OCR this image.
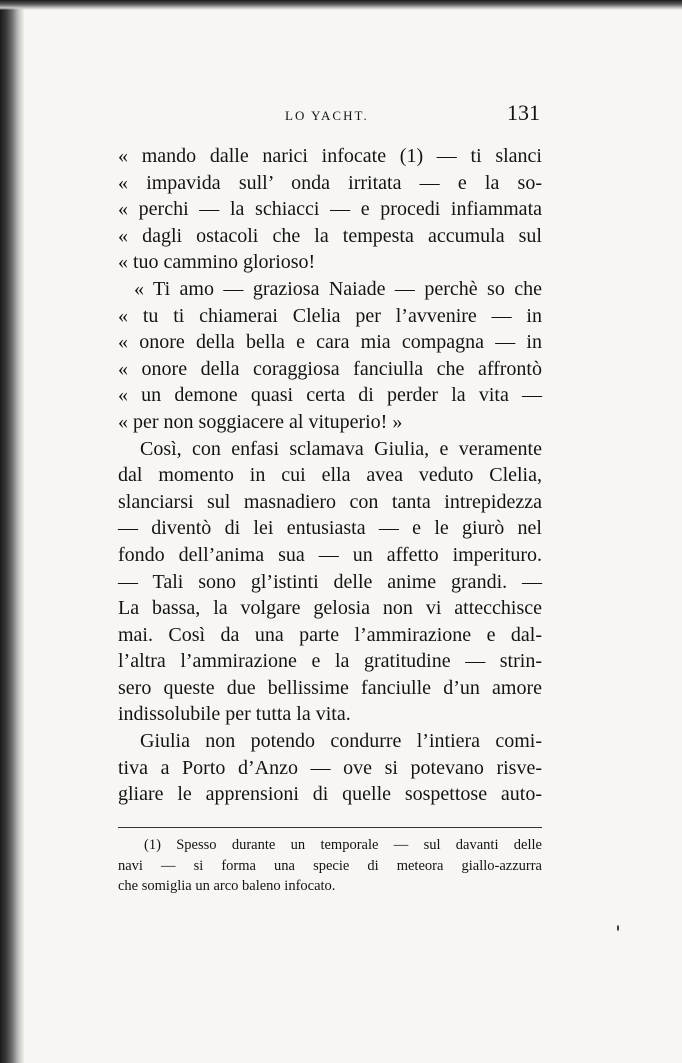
LO YACHT.	131
« mando dalle narici infocate (1) — ti slanci
« impavida sull’ onda irritata — e la so-
« perchi — la schiacci — e procedi infiammata
« dagli ostacoli che la tempesta accumula sul
« tuo cammino glorioso!
« Ti amo — graziosa Naiade — perchè so che
« tu ti chiamerai Clelia per l’avvenire — in
« onore della bella e cara mia compagna — in
« onore della coraggiosa fanciulla che affrontò
« un demone quasi certa di perder la vita —
« per non soggiacere al vituperio! »
Così, con enfasi sclamava Giulia, e veramente
dal momento in cui ella avea veduto Clelia,
slanciarsi sul masnadiero con tanta intrepidezza
— diventò di lei entusiasta — e le giurò nel
fondo dell’anima sua — un affetto imperituro.
— Tali sono gl’istinti delle anime grandi. —
La bassa, la volgare gelosia non vi attecchisce
mai. Così da una parte l’ammirazione e dal-
l’altra l’ammirazione e la gratitudine — strin-
sero queste due bellissime fanciulle d’un amore
indissolubile per tutta la vita.
Giulia non potendo condurre l’intiera comi-
tiva a Porto d’Anzo — ove si potevano risve-
gliare le apprensioni di quelle sospettose auto-
(1) Spesso durante un temporale — sul davanti delle
navi — si forma una specie di meteora giallo-azzurra
che somiglia un arco baleno infocato.
